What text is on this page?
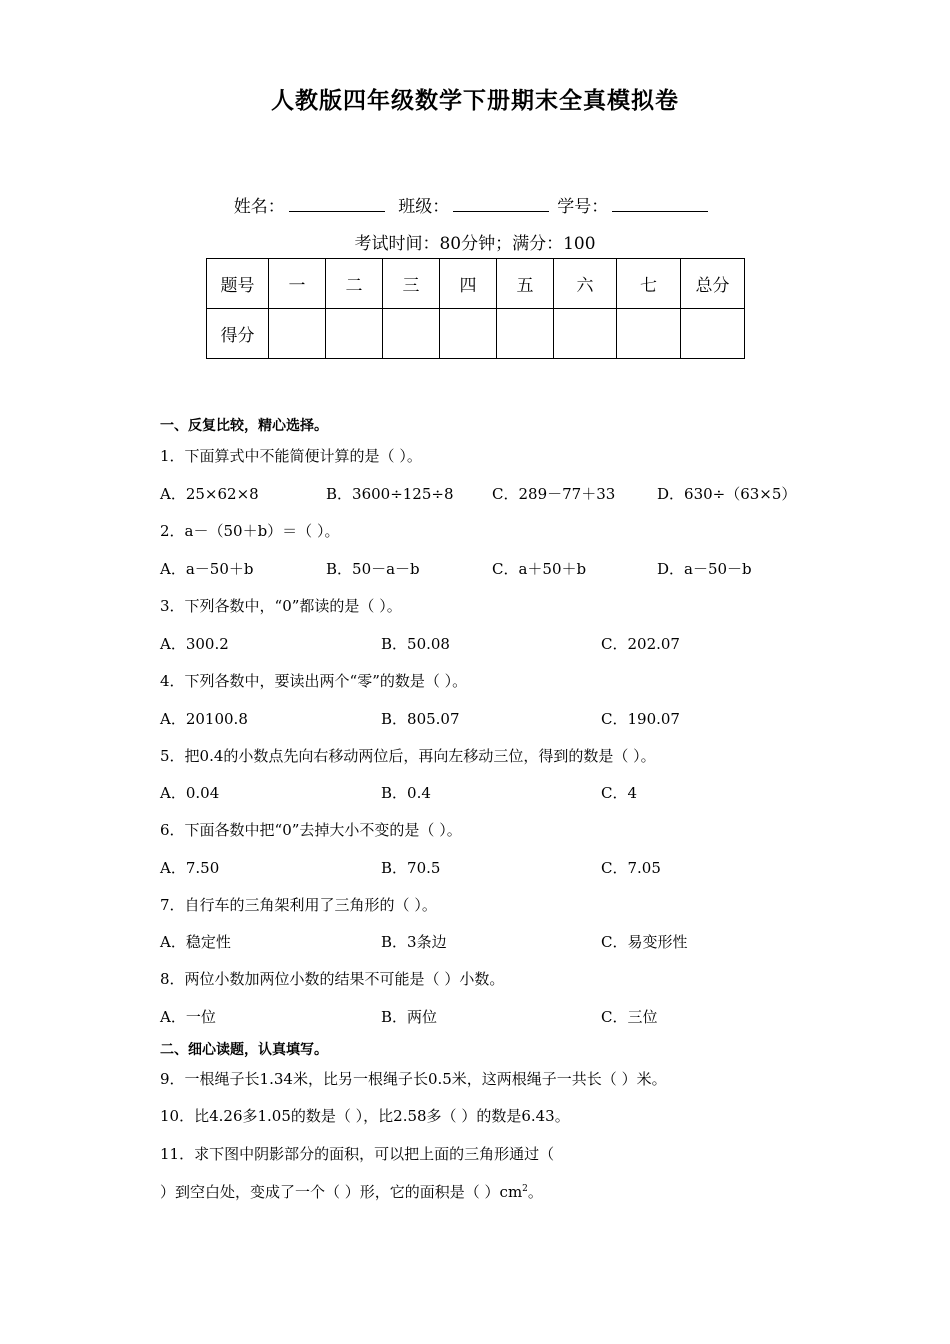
人教版四年级数学下册期末全真模拟卷
姓名：	班级：	学号：
考试时间：80分钟；满分：100
题号	一	二	三	四	五	六	七	总分
得分								
一、反复比较，精心选择。
1．下面算式中不能简便计算的是（ ）。
A．25×62×8	B．3600÷125÷8	C．289－77＋33	D．630÷（63×5）
2．a－（50＋b）＝（ ）。
A．a－50＋b	B．50－a－b	C．a＋50＋b	D．a－50－b
3．下列各数中，“0”都读的是（ ）。
A．300.2	B．50.08	C．202.07
4．下列各数中，要读出两个“零”的数是（ ）。
A．20100.8	B．805.07	C．190.07
5．把0.4的小数点先向右移动两位后，再向左移动三位，得到的数是（ ）。
A．0.04	B．0.4	C．4
6．下面各数中把“0”去掉大小不变的是（ ）。
A．7.50	B．70.5	C．7.05
7．自行车的三角架利用了三角形的（ ）。
A．稳定性	B．3条边	C．易变形性
8．两位小数加两位小数的结果不可能是（ ）小数。
A．一位	B．两位	C．三位
二、细心读题，认真填写。
9．一根绳子长1.34米，比另一根绳子长0.5米，这两根绳子一共长（ ）米。
10．比4.26多1.05的数是（ ），比2.58多（ ）的数是6.43。
11．求下图中阴影部分的面积，可以把上面的三角形通过（
）到空白处，变成了一个（ ）形，它的面积是（ ）$cm^2$。
